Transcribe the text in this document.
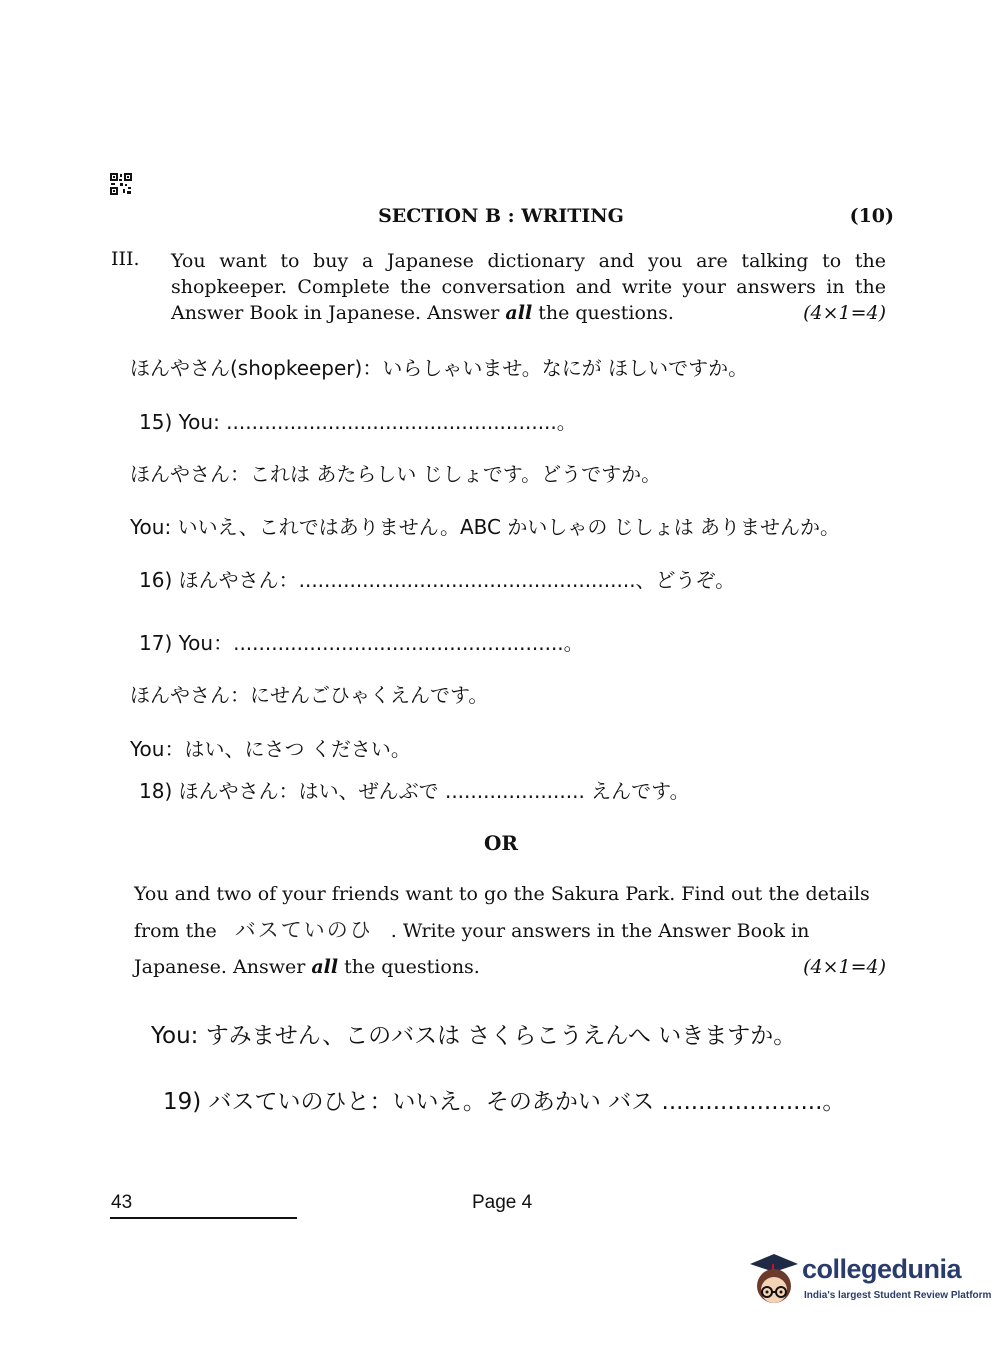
SECTION B : WRITING	(10)
III. You want to buy a Japanese dictionary and you are talking to the shopkeeper. Complete the conversation and write your answers in the Answer Book in Japanese. Answer all the questions.	(4×1=4)
ほんやさん(shopkeeper)：いらしゃいませ。なにが ほしいですか。
15) You: ....................................................。
ほんやさん：これは あたらしい じしょです。どうですか。
You: いいえ、これではありません。ABC かいしゃの じしょは ありませんか。
16) ほんやさん：.....................................................、どうぞ。
17) You：....................................................。
ほんやさん：にせんごひゃくえんです。
You：はい、にさつ ください。
18) ほんやさん：はい、ぜんぶで ...................... えんです。
OR
You and two of your friends want to go the Sakura Park. Find out the details
from the バスていのひ . Write your answers in the Answer Book in
Japanese. Answer all the questions.	(4×1=4)
You: すみません、このバスは さくらこうえんへ いきますか。
19) バスていのひと：いいえ。そのあかい バス ......................。
43	Page 4
collegedunia
India's largest Student Review Platform
